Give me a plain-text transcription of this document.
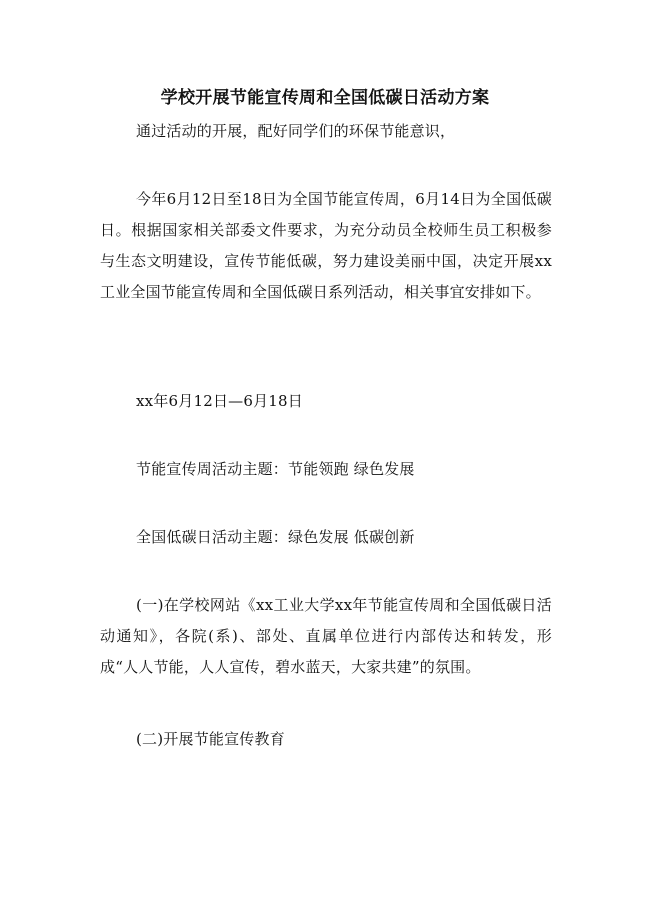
学校开展节能宣传周和全国低碳日活动方案

通过活动的开展，配好同学们的环保节能意识，

今年6月12日至18日为全国节能宣传周，6月14日为全国低碳日。根据国家相关部委文件要求，为充分动员全校师生员工积极参与生态文明建设，宣传节能低碳，努力建设美丽中国，决定开展xx工业全国节能宣传周和全国低碳日系列活动，相关事宜安排如下。

xx年6月12日—6月18日

节能宣传周活动主题：节能领跑 绿色发展

全国低碳日活动主题：绿色发展 低碳创新

(一)在学校网站《xx工业大学xx年节能宣传周和全国低碳日活动通知》，各院(系)、部处、直属单位进行内部传达和转发，形成“人人节能，人人宣传，碧水蓝天，大家共建”的氛围。

(二)开展节能宣传教育
